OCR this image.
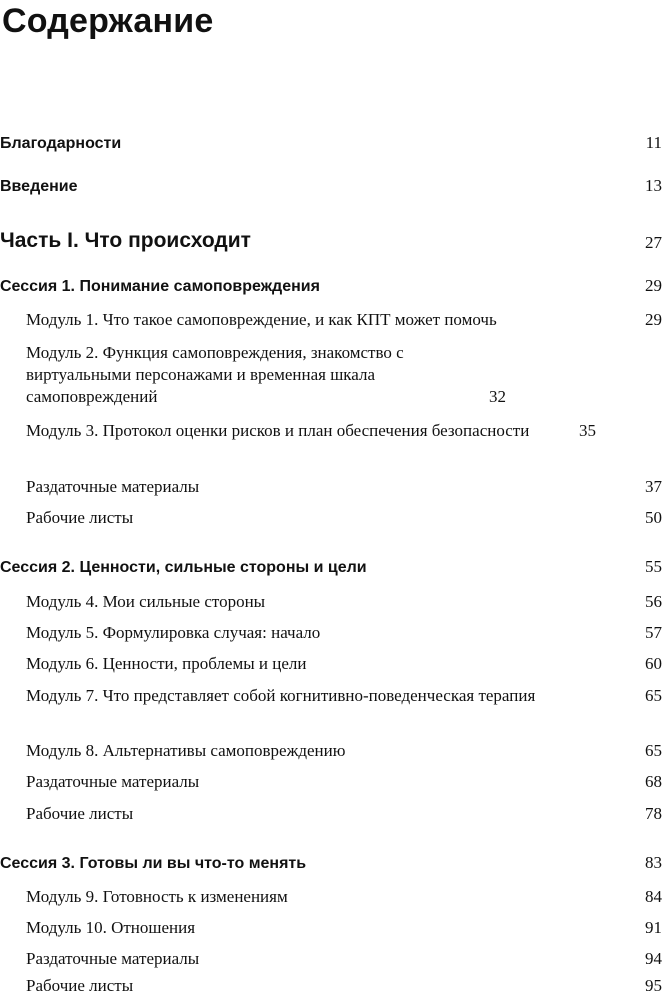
Содержание
Благодарности	11
Введение	13
Часть I. Что происходит	27
Сессия 1. Понимание самоповреждения	29
Модуль 1. Что такое самоповреждение, и как КПТ может помочь	29
Модуль 2. Функция самоповреждения, знакомство с виртуальными персонажами и временная шкала самоповреждений	32
Модуль 3. Протокол оценки рисков и план обеспечения безопасности	35
Раздаточные материалы	37
Рабочие листы	50
Сессия 2. Ценности, сильные стороны и цели	55
Модуль 4. Мои сильные стороны	56
Модуль 5. Формулировка случая: начало	57
Модуль 6. Ценности, проблемы и цели	60
Модуль 7. Что представляет собой когнитивно-поведенческая терапия	65
Модуль 8. Альтернативы самоповреждению	65
Раздаточные материалы	68
Рабочие листы	78
Сессия 3. Готовы ли вы что-то менять	83
Модуль 9. Готовность к изменениям	84
Модуль 10. Отношения	91
Раздаточные материалы	94
Рабочие листы	95
